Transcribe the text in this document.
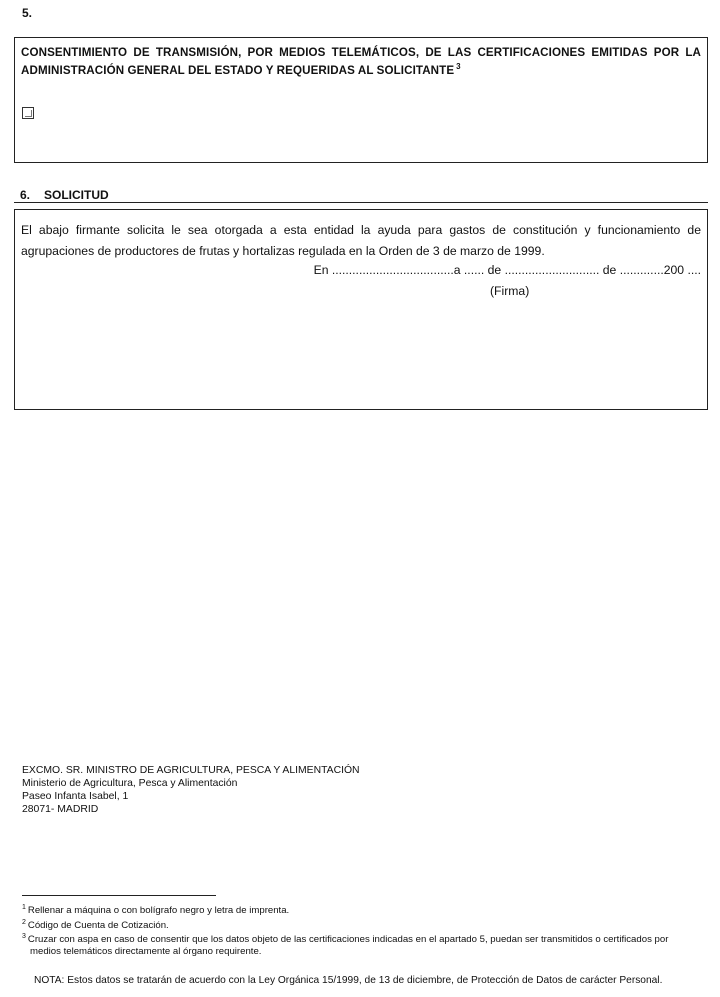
5.
CONSENTIMIENTO DE TRANSMISIÓN, POR MEDIOS TELEMÁTICOS, DE LAS CERTIFICACIONES EMITIDAS POR LA ADMINISTRACIÓN GENERAL DEL ESTADO Y REQUERIDAS AL SOLICITANTE $^3$
6. SOLICITUD
El abajo firmante solicita le sea otorgada a esta entidad la ayuda para gastos de constitución y funcionamiento de agrupaciones de productores de frutas y hortalizas regulada en la Orden de 3 de marzo de 1999.
En ....................................a ...... de ............................ de .............200 ....
(Firma)
EXCMO. SR. MINISTRO DE AGRICULTURA, PESCA Y ALIMENTACIÓN
Ministerio de Agricultura, Pesca y Alimentación
Paseo Infanta Isabel, 1
28071- MADRID
$^1$ Rellenar a máquina o con bolígrafo negro y letra de imprenta.
$^2$ Código de Cuenta de Cotización.
$^3$ Cruzar con aspa en caso de consentir que los datos objeto de las certificaciones indicadas en el apartado 5, puedan ser transmitidos o certificados por medios telemáticos directamente al órgano requirente.
NOTA: Estos datos se tratarán de acuerdo con la Ley Orgánica 15/1999, de 13 de diciembre, de Protección de Datos de carácter Personal.
